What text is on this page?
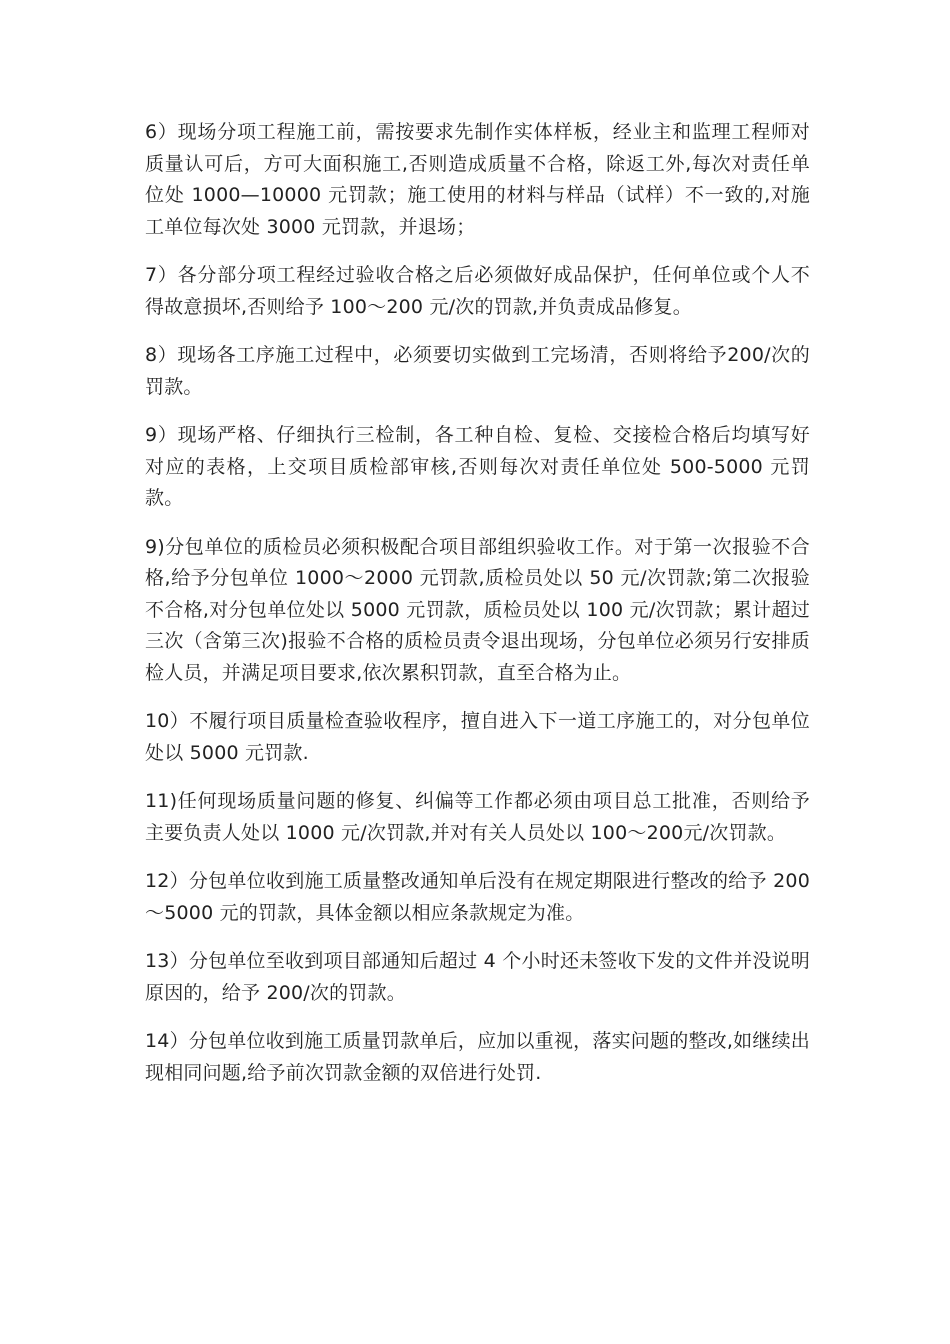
6）现场分项工程施工前，需按要求先制作实体样板，经业主和监理工程师对质量认可后，方可大面积施工,否则造成质量不合格，除返工外,每次对责任单位处 1000—10000 元罚款；施工使用的材料与样品（试样）不一致的,对施工单位每次处 3000 元罚款，并退场；

7）各分部分项工程经过验收合格之后必须做好成品保护，任何单位或个人不得故意损坏,否则给予 100～200 元/次的罚款,并负责成品修复。

8）现场各工序施工过程中，必须要切实做到工完场清，否则将给予200/次的罚款。

9）现场严格、仔细执行三检制，各工种自检、复检、交接检合格后均填写好对应的表格，上交项目质检部审核,否则每次对责任单位处 500-5000 元罚款。

9)分包单位的质检员必须积极配合项目部组织验收工作。对于第一次报验不合格,给予分包单位 1000～2000 元罚款,质检员处以 50 元/次罚款;第二次报验不合格,对分包单位处以 5000 元罚款，质检员处以 100 元/次罚款；累计超过三次（含第三次)报验不合格的质检员责令退出现场，分包单位必须另行安排质检人员，并满足项目要求,依次累积罚款，直至合格为止。

10）不履行项目质量检查验收程序，擅自进入下一道工序施工的，对分包单位处以 5000 元罚款.

11)任何现场质量问题的修复、纠偏等工作都必须由项目总工批准，否则给予主要负责人处以 1000 元/次罚款,并对有关人员处以 100～200元/次罚款。

12）分包单位收到施工质量整改通知单后没有在规定期限进行整改的给予 200～5000 元的罚款，具体金额以相应条款规定为准。

13）分包单位至收到项目部通知后超过 4 个小时还未签收下发的文件并没说明原因的，给予 200/次的罚款。

14）分包单位收到施工质量罚款单后，应加以重视，落实问题的整改,如继续出现相同问题,给予前次罚款金额的双倍进行处罚.
